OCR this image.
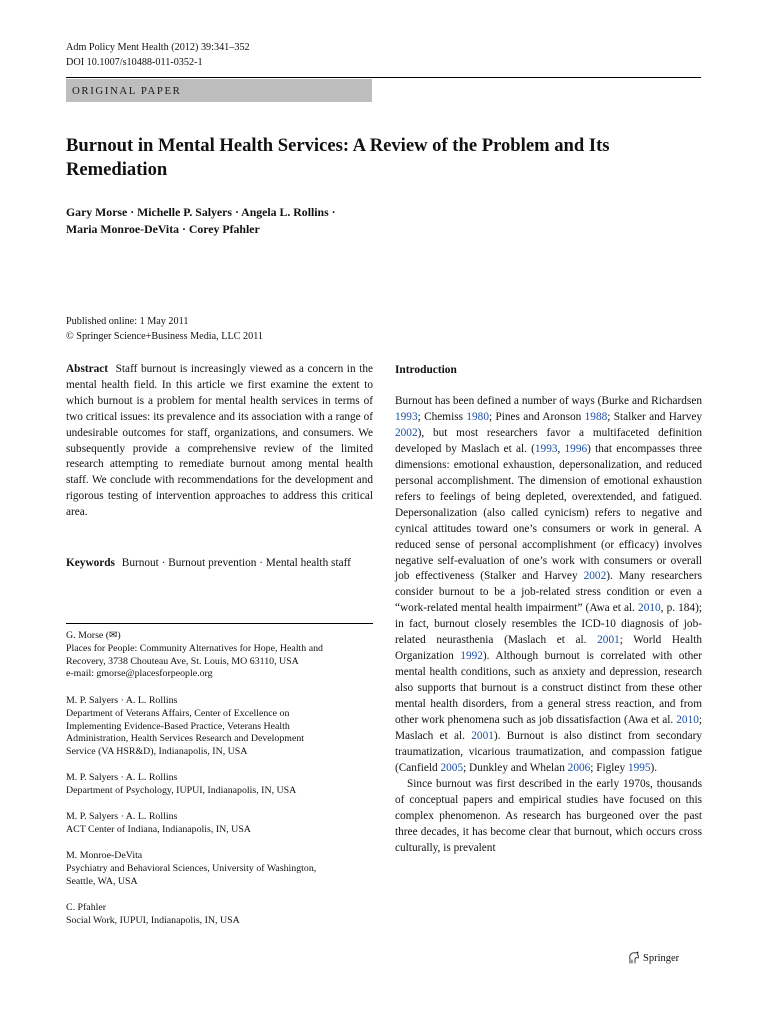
Adm Policy Ment Health (2012) 39:341–352
DOI 10.1007/s10488-011-0352-1
ORIGINAL PAPER
Burnout in Mental Health Services: A Review of the Problem and Its Remediation
Gary Morse · Michelle P. Salyers · Angela L. Rollins ·
Maria Monroe-DeVita · Corey Pfahler
Published online: 1 May 2011
© Springer Science+Business Media, LLC 2011
Abstract Staff burnout is increasingly viewed as a concern in the mental health field. In this article we first examine the extent to which burnout is a problem for mental health services in terms of two critical issues: its prevalence and its association with a range of undesirable outcomes for staff, organizations, and consumers. We subsequently provide a comprehensive review of the limited research attempting to remediate burnout among mental health staff. We conclude with recommendations for the development and rigorous testing of intervention approaches to address this critical area.
Keywords Burnout · Burnout prevention · Mental health staff
G. Morse (✉)
Places for People: Community Alternatives for Hope, Health and
Recovery, 3738 Chouteau Ave, St. Louis, MO 63110, USA
e-mail: gmorse@placesforpeople.org
M. P. Salyers · A. L. Rollins
Department of Veterans Affairs, Center of Excellence on
Implementing Evidence-Based Practice, Veterans Health
Administration, Health Services Research and Development
Service (VA HSR&D), Indianapolis, IN, USA
M. P. Salyers · A. L. Rollins
Department of Psychology, IUPUI, Indianapolis, IN, USA
M. P. Salyers · A. L. Rollins
ACT Center of Indiana, Indianapolis, IN, USA
M. Monroe-DeVita
Psychiatry and Behavioral Sciences, University of Washington,
Seattle, WA, USA
C. Pfahler
Social Work, IUPUI, Indianapolis, IN, USA
Introduction

Burnout has been defined a number of ways (Burke and Richardsen 1993; Chemiss 1980; Pines and Aronson 1988; Stalker and Harvey 2002), but most researchers favor a multifaceted definition developed by Maslach et al. (1993, 1996) that encompasses three dimensions: emotional exhaustion, depersonalization, and reduced personal accomplishment. The dimension of emotional exhaustion refers to feelings of being depleted, overextended, and fatigued. Depersonalization (also called cynicism) refers to negative and cynical attitudes toward one’s consumers or work in general. A reduced sense of personal accomplishment (or efficacy) involves negative self-evaluation of one’s work with consumers or overall job effectiveness (Stalker and Harvey 2002). Many researchers consider burnout to be a job-related stress condition or even a “work-related mental health impairment” (Awa et al. 2010, p. 184); in fact, burnout closely resembles the ICD-10 diagnosis of job-related neurasthenia (Maslach et al. 2001; World Health Organization 1992). Although burnout is correlated with other mental health conditions, such as anxiety and depression, research also supports that burnout is a construct distinct from these other mental health disorders, from a general stress reaction, and from other work phenomena such as job dissatisfaction (Awa et al. 2010; Maslach et al. 2001). Burnout is also distinct from secondary traumatization, vicarious traumatization, and compassion fatigue (Canfield 2005; Dunkley and Whelan 2006; Figley 1995).

Since burnout was first described in the early 1970s, thousands of conceptual papers and empirical studies have focused on this complex phenomenon. As research has burgeoned over the past three decades, it has become clear that burnout, which occurs cross culturally, is prevalent

Springer
